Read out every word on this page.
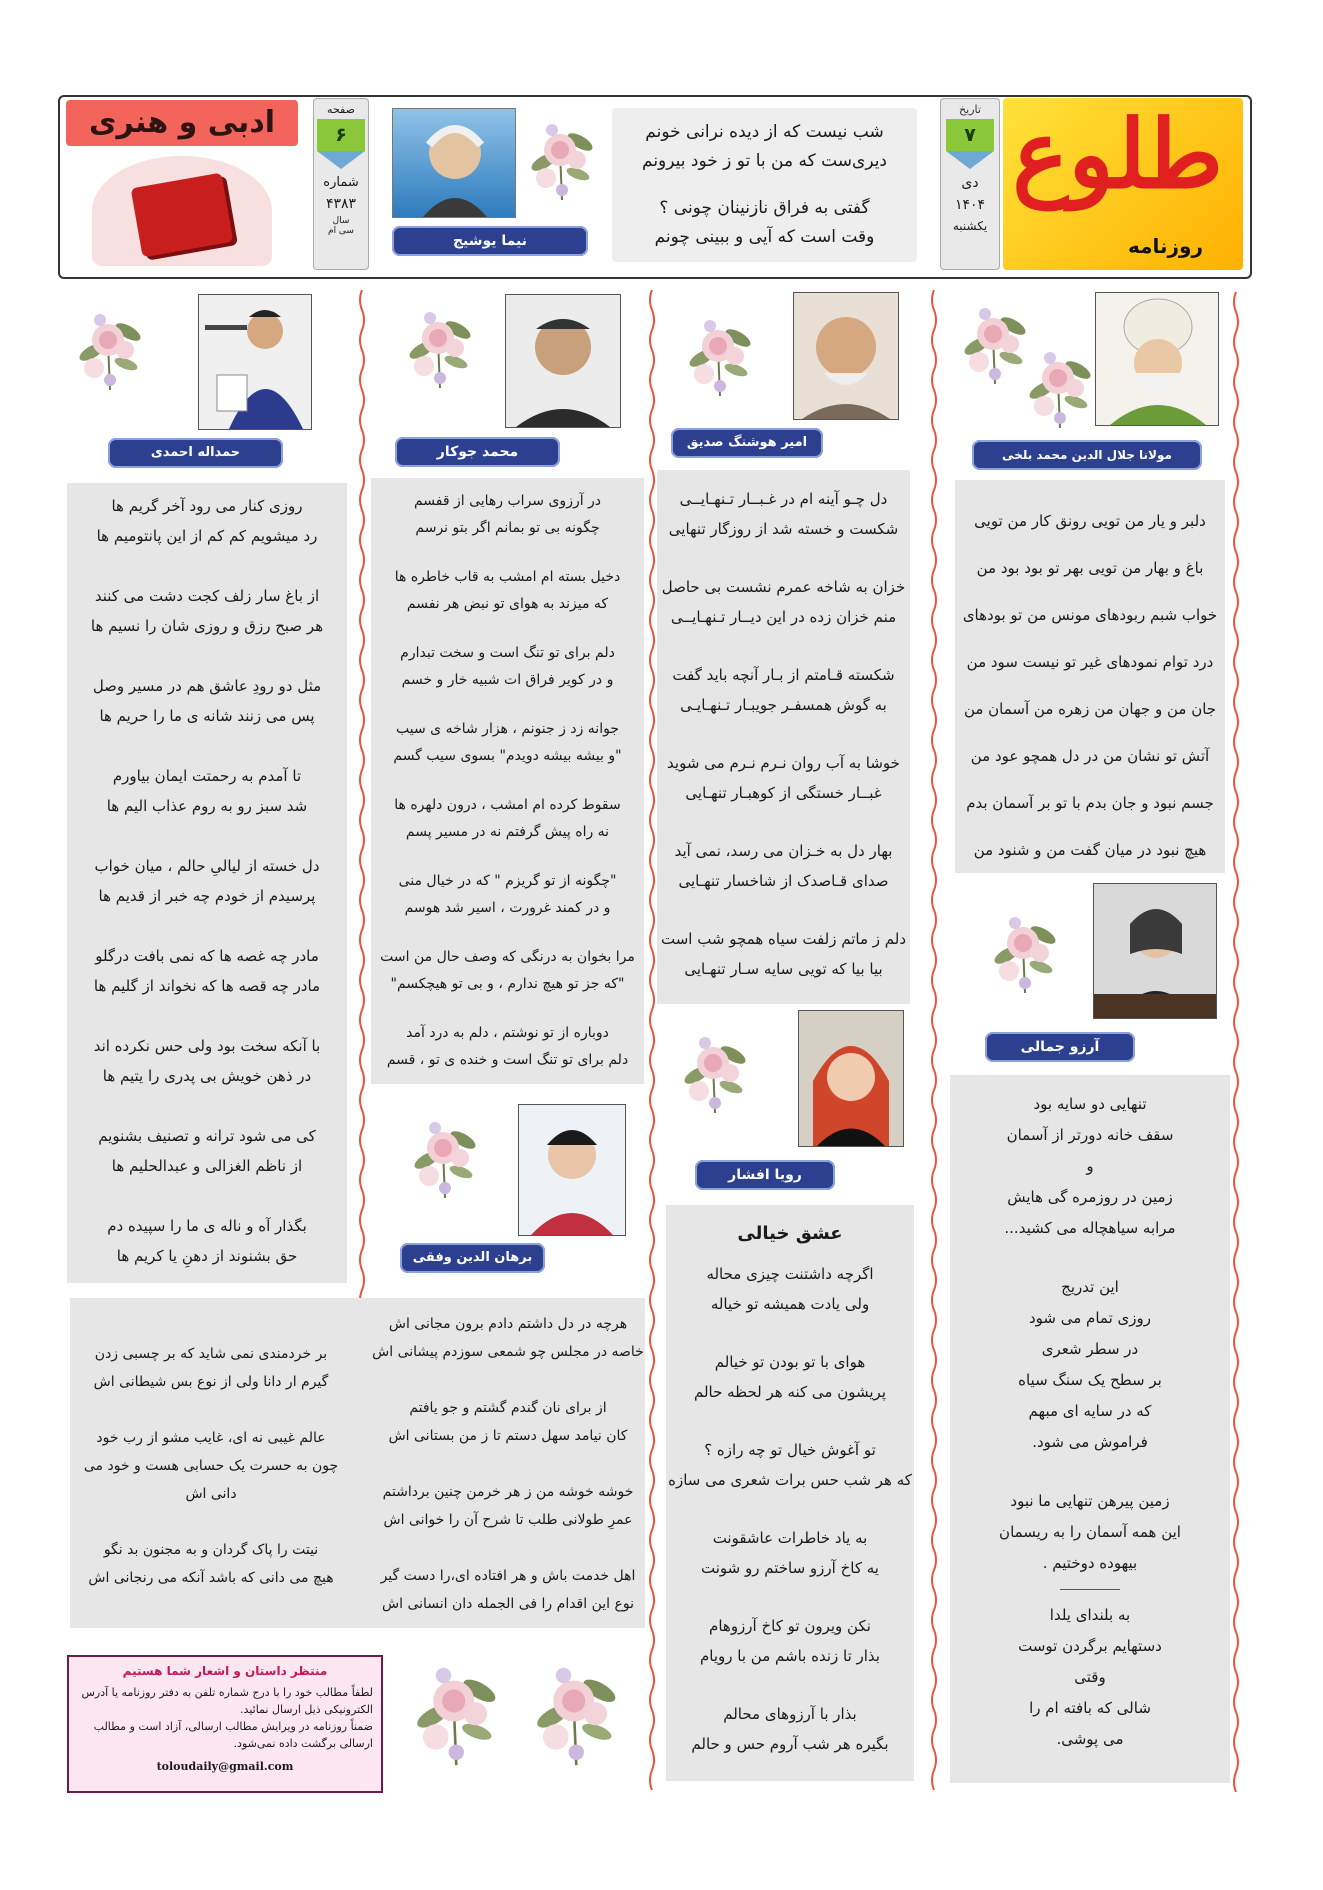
طلوع
روزنامه
تاریخ
۷
دی
۱۴۰۴
یکشنبه
شب نیست که از دیده نرانی خونم
دیری‌ست که من با تو ز خود بیرونم
گفتی به فراق نازنینان چونی ؟
وقت است که آیی و ببینی چونم
نیما یوشیج
صفحه
۶
شماره
۴۳۸۳
سال
سی ام
ادبی و هنری
مولانا جلال الدین محمد بلخی
دلبر و یار من تویی رونق کار من تویی
باغ و بهار من تویی بهر تو بود بود من
خواب شبم ربودهای مونس من تو بودهای
درد توام نمودهای غیر تو نیست سود من
جان من و جهان من زهره من آسمان من
آتش تو نشان من در دل همچو عود من
جسم نبود و جان بدم با تو بر آسمان بدم
هیچ نبود در میان گفت من و شنود من
آرزو جمالی
تنهایی دو سایه بود
سقف خانه دورتر از آسمان
و
زمین در روزمره گی هایش
مرابه سیاهچاله می کشید...
این تدریج
روزی تمام می شود
در سطر شعری
بر سطح یک سنگ سیاه
که در سایه ای مبهم
فراموش می شود.
زمین پیرهن تنهایی ما نبود
این همه آسمان را به ریسمان
بیهوده دوختیم .
به بلندای یلدا
دستهایم برگردن توست
وقتی
شالی که بافته ام را
می پوشی.
امیر هوشنگ صدیق

دل چـو آینه ام در غـبــار تـنهـایــی
شکست و خسته شد از روزگار تنهایی

خزان به شاخه عمرم نشست بی حاصل
منم خزان زده در این دیــار تـنهـایــی

شکسته قـامتم از بـار آنچه باید گفت
به گوش همسفـر جویبـار تـنهـایـی

خوشا به آب روان نـرم نـرم می شوید
غبــار خستگی از کوهبـار تنهـایی

بهار دل به خـزان می رسد، نمی آید
صدای قـاصدک از شاخسار تنهـایی

دلم ز ماتم زلفت سیاه همچو شب است
بیا بیا که تویی سایه سـار تنهـایی

رویا افشار
عشق خیالی

اگرچه داشتنت چیزی محاله
ولی یادت همیشه تو خیاله

هوای با تو بودن تو خیالم
پریشون می کنه هر لحظه حالم

تو آغوش خیال تو چه رازه ؟
که هر شب حس برات شعری می سازه

به یاد خاطرات عاشقونت
یه کاخ آرزو ساختم رو شونت

نکن ویرون تو کاخ آرزوهام
بذار تا زنده باشم من با رویام

بذار با آرزوهای محالم
بگیره هر شب آروم حس و حالم

محمد جوکار

در آرزوی سراب رهایی از قفسم
چگونه بی تو بمانم اگر بتو نرسم

دخیل بسته ام امشب به قاب خاطره ها
که میزند به هوای تو نبض هر نفسم

دلم برای تو تنگ است و سخت تبدارم
و در کویر فراق ات شبیه خار و خسم

جوانه زد ز جنونم ، هزار شاخه ی سیب
"و بیشه بیشه دویدم" بسوی سیب گسم

سقوط کرده ام امشب ، درون دلهره ها
نه راه پیش گرفتم نه در مسیر پسم

"چگونه از تو گریزم " که در خیال منی
و در کمند غرورت ، اسیر شد هوسم

مرا بخوان به درنگی که وصف حال من است
"که جز تو هیچ ندارم ، و بی تو هیچکسم"

دوباره از تو نوشتم ، دلم به درد آمد
دلم برای تو تنگ است و خنده ی تو ، قسم

برهان الدین وفقی

هرچه در دل داشتم دادم برون مجانی اش
خاصه در مجلس چو شمعی سوزدم پیشانی اش

از برای نان گندم گشتم و جو یافتم
کان نیامد سهل دستم تا ز من بستانی اش

خوشه خوشه من ز هر خرمن چنین برداشتم
عمرِ طولانی طلب تا شرح آن را خوانی اش

اهل خدمت باش و هر افتاده ای‌،را دست گیر
نوع این اقدام را فی الجمله دان انسانی اش

بر خردمندی نمی شاید که بر چسبی زدن
گیرم ار دانا ولی از نوع بس شیطانی اش

عالم غیبی نه ای، غایب مشو از رب خود
چون به حسرت یک حسابی هست و خود می
دانی اش

نیتت را پاک گردان و به مجنون بد نگو
هیچ می دانی که باشد آنکه می رنجانی اش

حمداله احمدی

روزی کنار می رود آخر گریم ها
رد میشویم کم کم از این پانتومیم ها

از باغ سار زلف کجت دشت می کنند
هر صبح رزق و روزی شان را نسیم ها

مثل دو رودِ عاشق هم در مسیر وصل
پس می زنند شانه ی ما را حریم ها

تا آمدم به رحمتت ایمان بیاورم
شد سبز رو به روم عذاب الیم ها

دل خسته از لیالیِ حالم ، میان خواب
پرسیدم از خودم چه خبر از قدیم ها

مادر چه غصه ها که نمی بافت درگلو
مادر چه قصه ها که نخواند از گلیم ها

با آنکه سخت بود ولی حس نکرده اند
در ذهن خویش بی پدری را یتیم ها

کی می شود ترانه و تصنیف بشنویم
از ناظم الغزالی و عبدالحلیم ها

بگذار آه و ناله ی ما را سپیده دم
حق بشنوند از دهنِ یا کریم ها

منتظر داستان و اشعار شما هستیم
لطفاً مطالب خود را با درج شماره تلفن به دفتر روزنامه یا آدرس الکترونیکی ذیل ارسال نمائید.
ضمناً روزنامه در ویرایش مطالب ارسالی، آزاد است و مطالب ارسالی برگشت داده نمی‌شود.
toloudaily@gmail.com
